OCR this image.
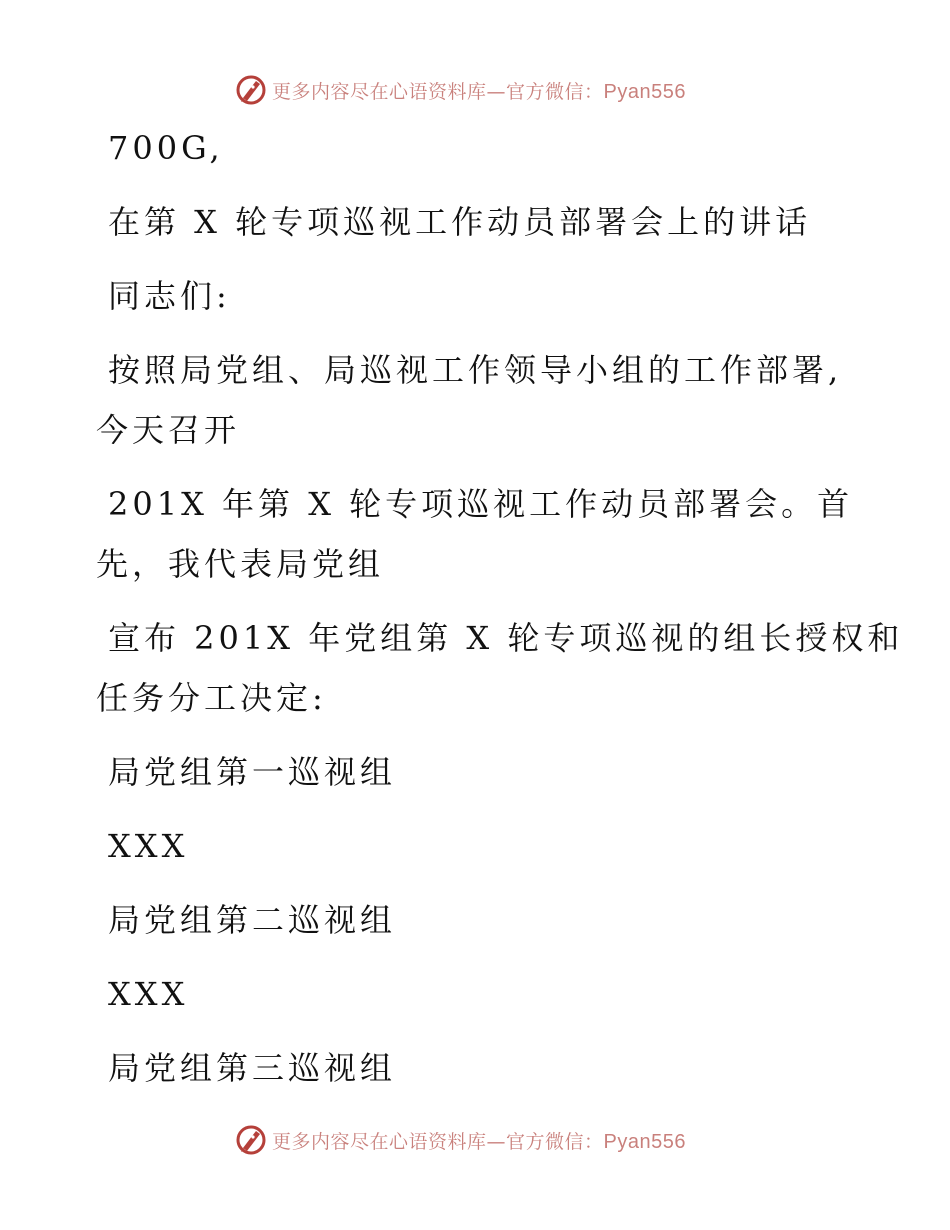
更多内容尽在心语资料库—官方微信：Pyan556
700G,
在第 X 轮专项巡视工作动员部署会上的讲话
同志们:
按照局党组、局巡视工作领导小组的工作部署,
今天召开
201X 年第 X 轮专项巡视工作动员部署会。首
先，我代表局党组
宣布 201X 年党组第 X 轮专项巡视的组长授权和
任务分工决定:
局党组第一巡视组
XXX
局党组第二巡视组
XXX
局党组第三巡视组
更多内容尽在心语资料库—官方微信：Pyan556
